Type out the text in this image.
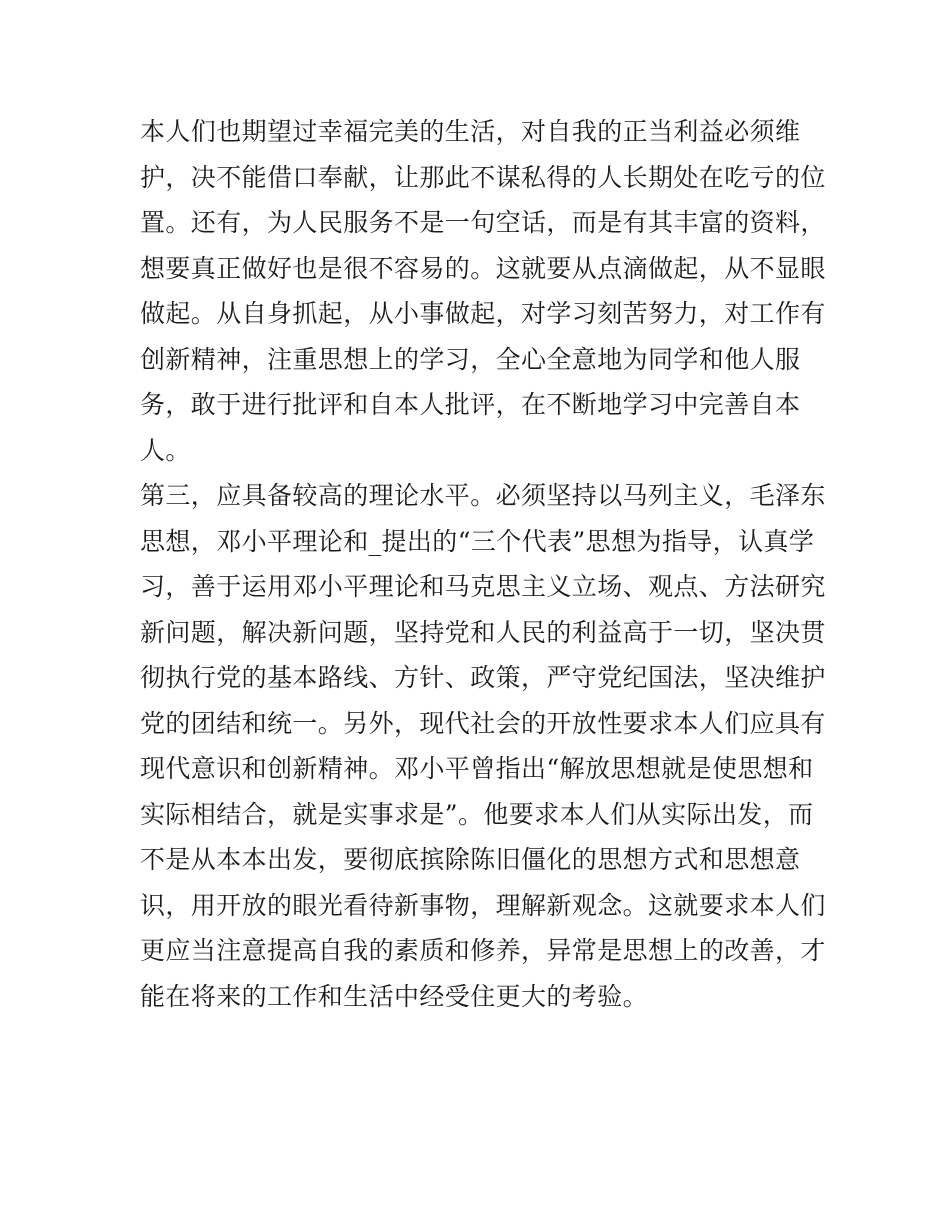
本人们也期望过幸福完美的生活，对自我的正当利益必须维
护，决不能借口奉献，让那此不谋私得的人长期处在吃亏的位
置。还有，为人民服务不是一句空话，而是有其丰富的资料，
想要真正做好也是很不容易的。这就要从点滴做起，从不显眼
做起。从自身抓起，从小事做起，对学习刻苦努力，对工作有
创新精神，注重思想上的学习，全心全意地为同学和他人服
务，敢于进行批评和自本人批评，在不断地学习中完善自本
人。
第三，应具备较高的理论水平。必须坚持以马列主义，毛泽东
思想，邓小平理论和_提出的“三个代表”思想为指导，认真学
习，善于运用邓小平理论和马克思主义立场、观点、方法研究
新问题，解决新问题，坚持党和人民的利益高于一切，坚决贯
彻执行党的基本路线、方针、政策，严守党纪国法，坚决维护
党的团结和统一。另外，现代社会的开放性要求本人们应具有
现代意识和创新精神。邓小平曾指出“解放思想就是使思想和
实际相结合，就是实事求是”。他要求本人们从实际出发，而
不是从本本出发，要彻底摈除陈旧僵化的思想方式和思想意
识，用开放的眼光看待新事物，理解新观念。这就要求本人们
更应当注意提高自我的素质和修养，异常是思想上的改善，才
能在将来的工作和生活中经受住更大的考验。
